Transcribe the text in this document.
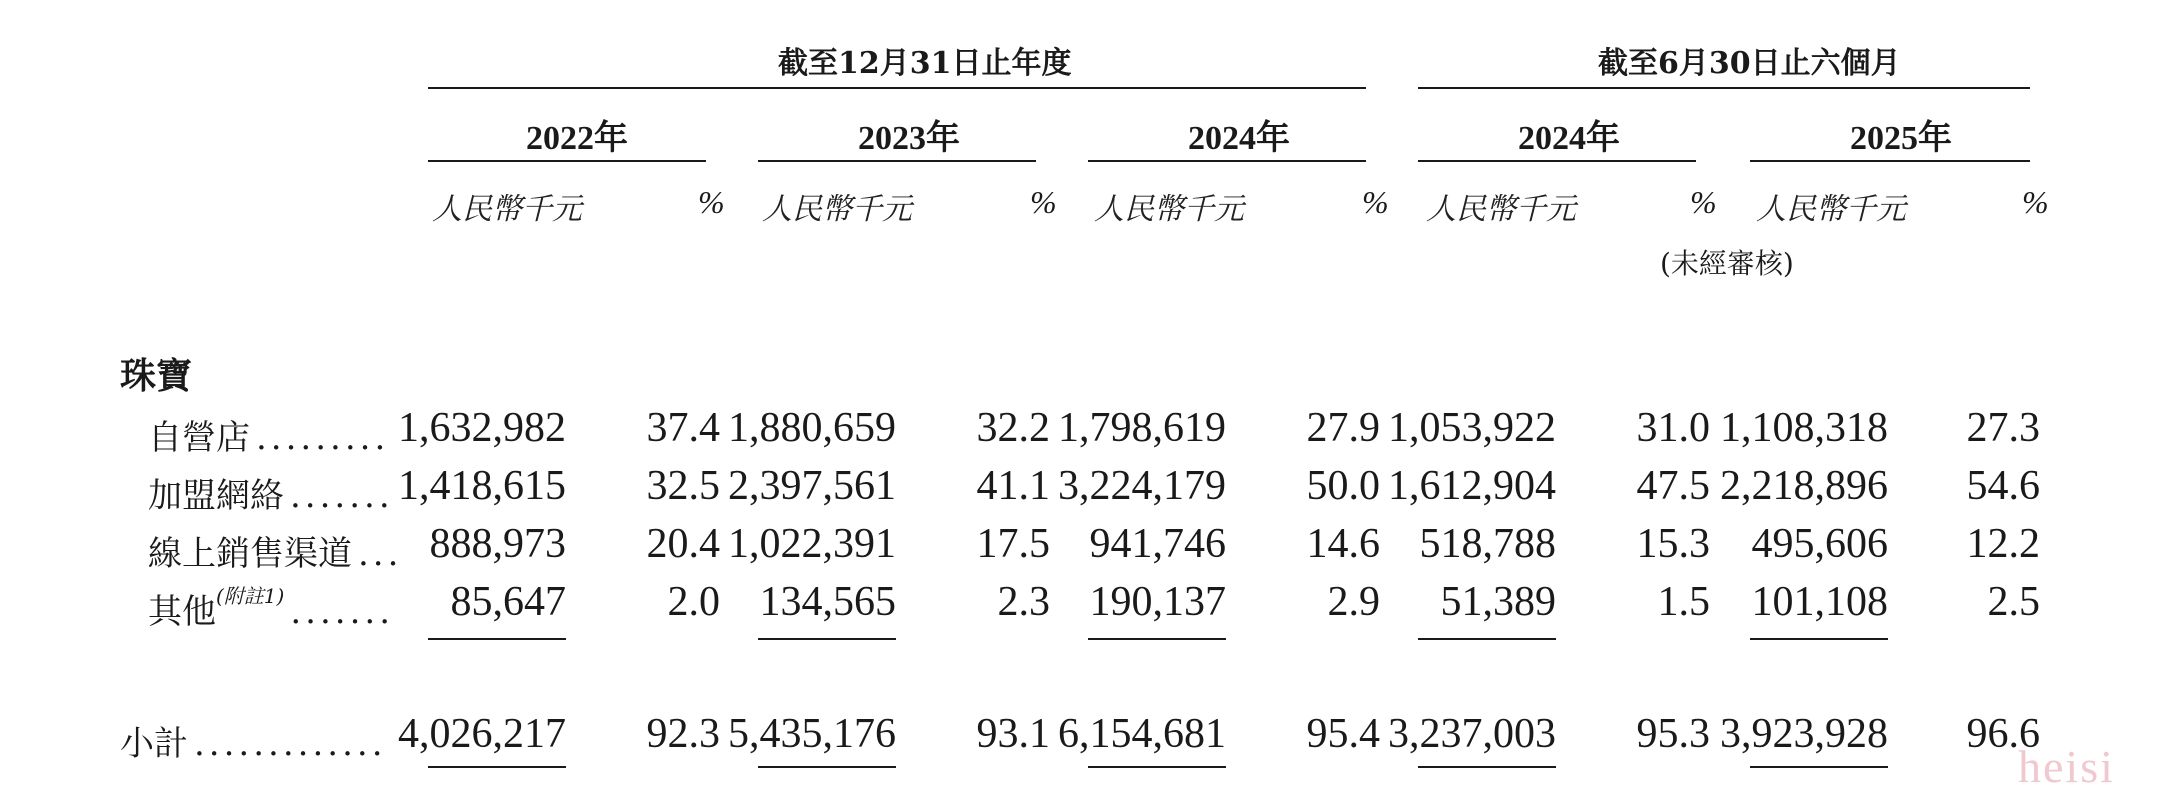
截至12月31日止年度	截至6月30日止六個月
2022年	2023年	2024年	2024年	2025年
人民幣千元	% 人民幣千元	% 人民幣千元	% 人民幣千元	% 人民幣千元	%
(未經審核)
珠寶
自營店 ......... 1,632,982 37.4 1,880,659 32.2 1,798,619 27.9 1,053,922 31.0 1,108,318 27.3
加盟網絡 ....... 1,418,615 32.5 2,397,561 41.1 3,224,179 50.0 1,612,904 47.5 2,218,896 54.6
線上銷售渠道 ... 888,973 20.4 1,022,391 17.5 941,746 14.6 518,788 15.3 495,606 12.2
其他$^{(附註1)}$ ....... 85,647 2.0 134,565 2.3 190,137 2.9 51,389 1.5 101,108 2.5
小計 ............. 4,026,217 92.3 5,435,176 93.1 6,154,681 95.4 3,237,003 95.3 3,923,928 96.6
heisi
